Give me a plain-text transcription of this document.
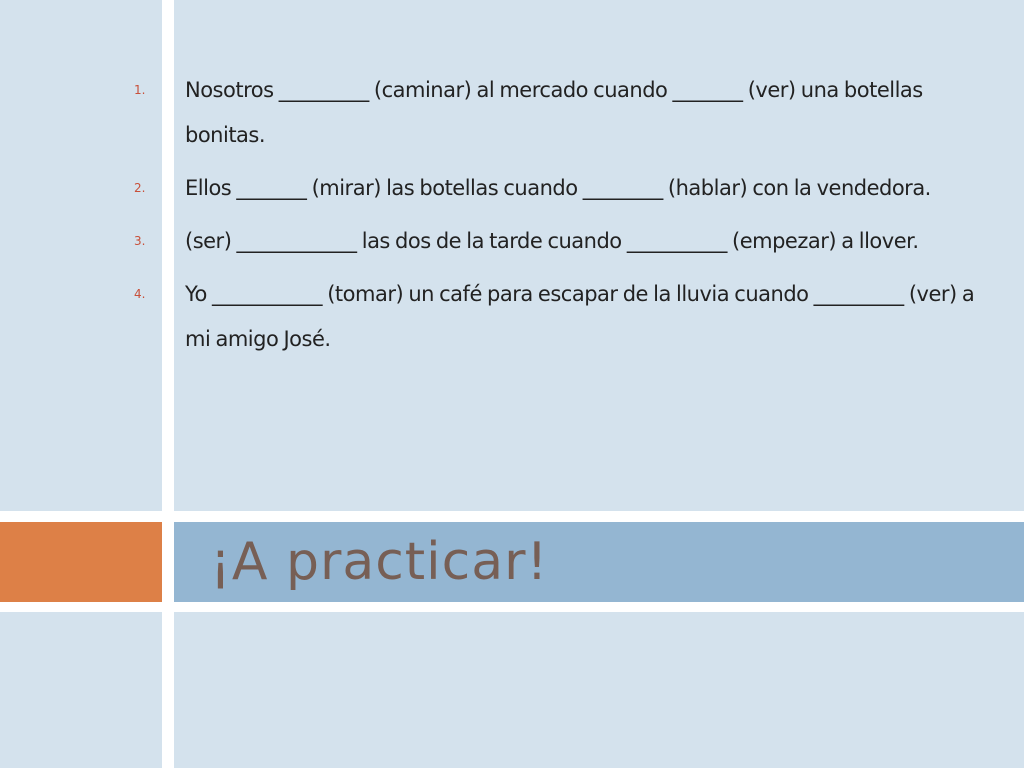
¡A practicar!
1. Nosotros _________ (caminar) al mercado cuando _______ (ver) una botellas bonitas.
2. Ellos _______ (mirar) las botellas cuando ________ (hablar) con la vendedora.
3. (ser) ____________ las dos de la tarde cuando __________ (empezar) a llover.
4. Yo ___________ (tomar) un café para escapar de la lluvia cuando _________ (ver) a mi amigo José.
